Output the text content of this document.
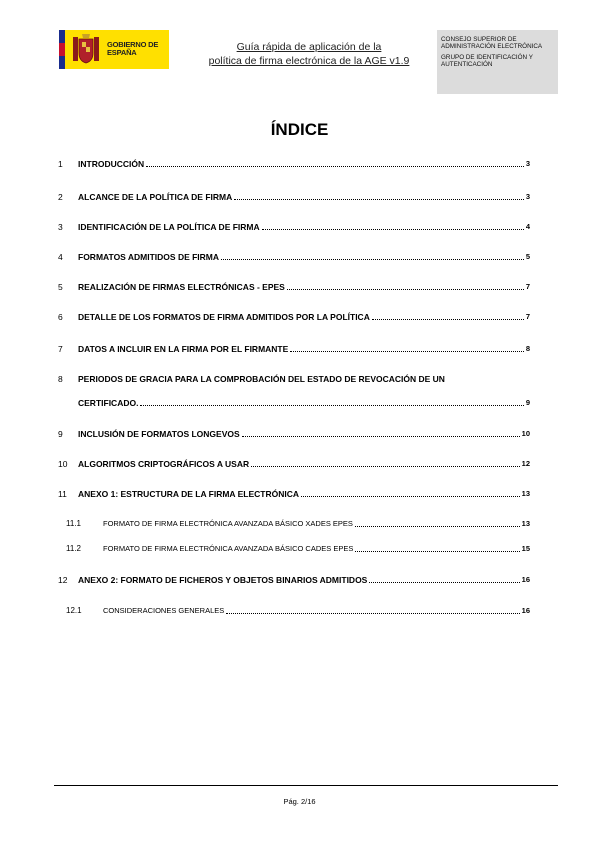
GOBIERNO DE ESPAÑA	Guía rápida de aplicación de la
política de firma electrónica de la AGE v1.9
CONSEJO SUPERIOR DE ADMINISTRACIÓN ELECTRÓNICA
GRUPO DE IDENTIFICACIÓN Y AUTENTICACIÓN
ÍNDICE
1 INTRODUCCIÓN	3
2 ALCANCE DE LA POLÍTICA DE FIRMA	3
3 IDENTIFICACIÓN DE LA POLÍTICA DE FIRMA	4
4 FORMATOS ADMITIDOS DE FIRMA	5
5 REALIZACIÓN DE FIRMAS ELECTRÓNICAS - EPES	7
6 DETALLE DE LOS FORMATOS DE FIRMA ADMITIDOS POR LA POLÍTICA	7
7 DATOS A INCLUIR EN LA FIRMA POR EL FIRMANTE	8
8 PERIODOS DE GRACIA PARA LA COMPROBACIÓN DEL ESTADO DE REVOCACIÓN DE UN
CERTIFICADO.	9
9 INCLUSIÓN DE FORMATOS LONGEVOS	10
10 ALGORITMOS CRIPTOGRÁFICOS A USAR	12
11 ANEXO 1: ESTRUCTURA DE LA FIRMA ELECTRÓNICA	13
11.1	FORMATO DE FIRMA ELECTRÓNICA AVANZADA BÁSICO XADES EPES	13
11.2	FORMATO DE FIRMA ELECTRÓNICA AVANZADA BÁSICO CADES EPES	15
12 ANEXO 2: FORMATO DE FICHEROS Y OBJETOS BINARIOS ADMITIDOS	16
12.1	CONSIDERACIONES GENERALES	16
Pág. 2/16
